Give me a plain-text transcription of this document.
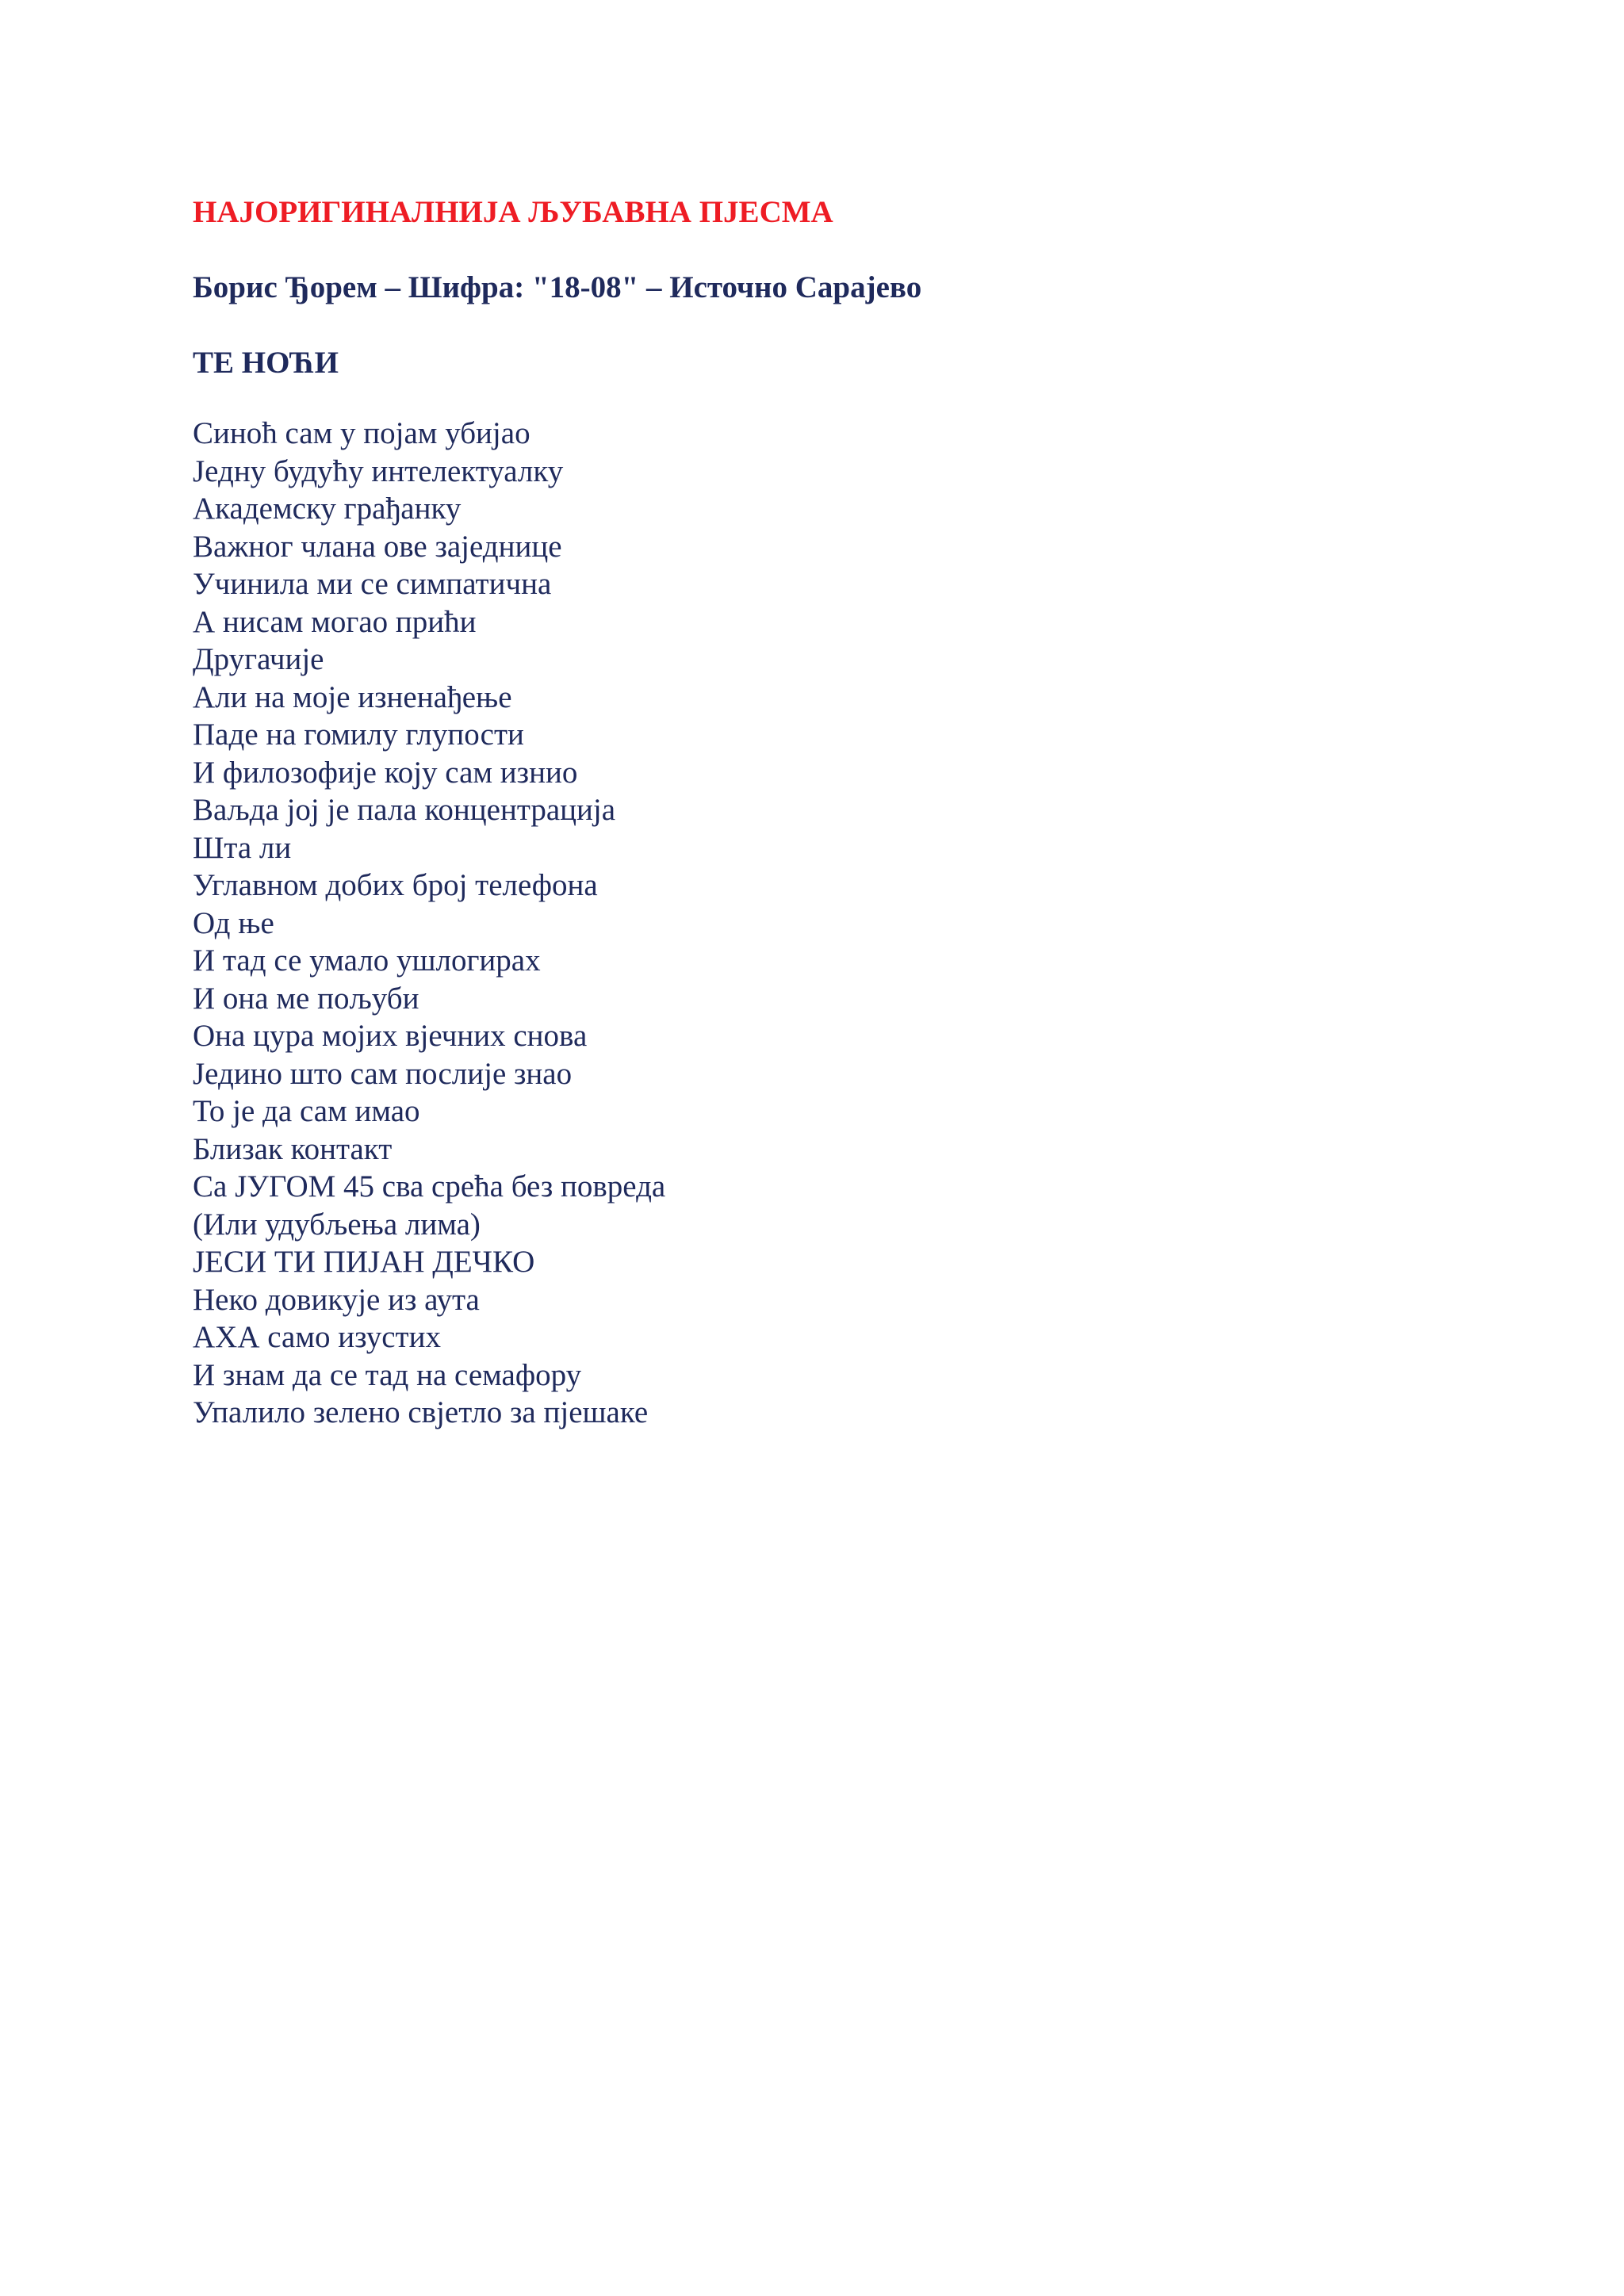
НАЈОРИГИНАЛНИЈА ЉУБАВНА ПЈЕСМА
Борис Ђорем – Шифра: "18-08" – Источно Сарајево
ТЕ НОЋИ
Синоћ сам у појам убијао
Једну будућу интелектуалку
Академску грађанку
Важног члана ове заједнице
Учинила ми се симпатична
А нисам могао прићи
Другачије
Али на моје изненађење
Паде на гомилу глупости
И филозофије коју сам изнио
Ваљда јој је пала концентрација
Шта ли
Углавном добих број телефона
Од ње
И тад се умало ушлогирах
И она ме пољуби
Она цура мојих вјечних снова
Једино што сам послије знао
То је да сам имао
Близак контакт
Са ЈУГОМ 45 сва срећа без повреда
(Или удубљења лима)
ЈЕСИ ТИ ПИЈАН ДЕЧКО
Неко довикује из аута
АХА само изустих
И знам да се тад на семафору
Упалило зелено свјетло за пјешаке
